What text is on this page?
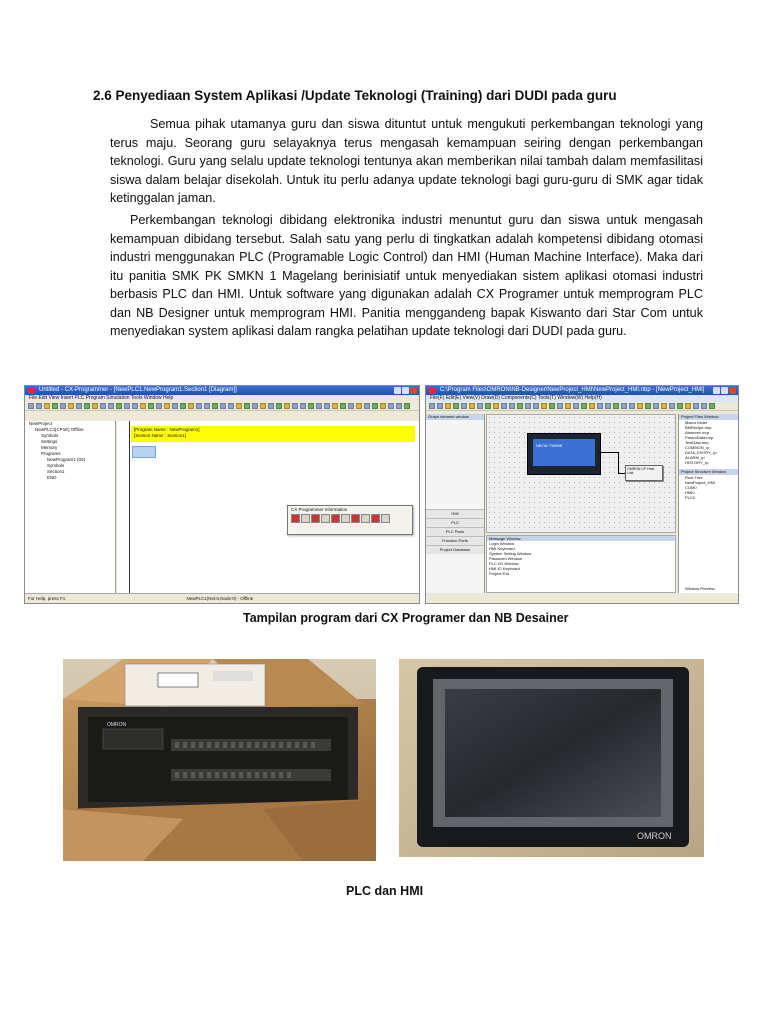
2.6 Penyediaan System Aplikasi /Update Teknologi (Training) dari DUDI pada guru

Semua pihak utamanya guru dan siswa dituntut untuk mengukuti perkembangan teknologi yang terus maju. Seorang guru selayaknya terus mengasah kemampuan seiring dengan perkembangan teknologi. Guru yang selalu update teknologi tentunya akan memberikan nilai tambah dalam memfasilitasi siswa dalam belajar disekolah. Untuk itu perlu adanya update teknologi bagi guru-guru di SMK agar tidak ketinggalan jaman.

Perkembangan teknologi dibidang elektronika industri menuntut guru dan siswa untuk mengasah kemampuan dibidang tersebut. Salah satu yang perlu di tingkatkan adalah kompetensi dibidang otomasi industri menggunakan PLC (Programable Logic Control) dan HMI (Human Machine Interface). Maka dari itu panitia SMK PK SMKN 1 Magelang berinisiatif untuk menyediakan sistem aplikasi otomasi industri berbasis PLC dan HMI. Untuk software yang digunakan adalah CX Programer untuk memprogram PLC dan NB Designer untuk memprogram HMI. Panitia menggandeng bapak Kiswanto dari Star Com untuk menyediakan system aplikasi dalam rangka pelatihan update teknologi dari DUDI pada guru.

Untitled - CX-Programmer - [NewPLC1.NewProgram1.Section1 [Diagram]]
File Edit View Insert PLC Program Simulation Tools Window Help
NewProject
NewPLC1[CP1E] Offline
Symbols
Settings
Memory
Programs
NewProgram1 (00)
Symbols
Section1
END
[Program Name : NewProgram1]
[Section Name : Section1]
CX Programmer Information
For Help, press F1	NewPLC1(Net:0,Node:0) - Offline
C:\Program Files\OMRON\NB-Designer\NewProject_HMI\NewProject_HMI.nbp - [NewProject_HMI]
File(F) Edit(E) View(V) Draw(D) Components(C) Tools(T) Window(W) Help(H)
Graph element window
HMI
PLC
PLC Parts
Function Parts
Project Database
NB7W-TW00B
OMRON CP Host Link
Message Window
Login Window
HMI Keyboard
System Setting Window
Password Window
PLC I/O Window
HMI IO Keyboard
Project Exit
Project Files Window
Macro folder
BMRecipe.mrp
Alarmrec.mrp
ParamData.mrp
TextData.mrp
COMMON_rp
DATA_ENTRY_rp
ALARM_rp
HISTORY_rp
Project Structure Window
Root Tree
NewProject_HMI
COM0
HMI0
PLC0
Window Preview
Tampilan program dari CX Programer dan NB Desainer
OMRON
OMRON
PLC dan HMI
